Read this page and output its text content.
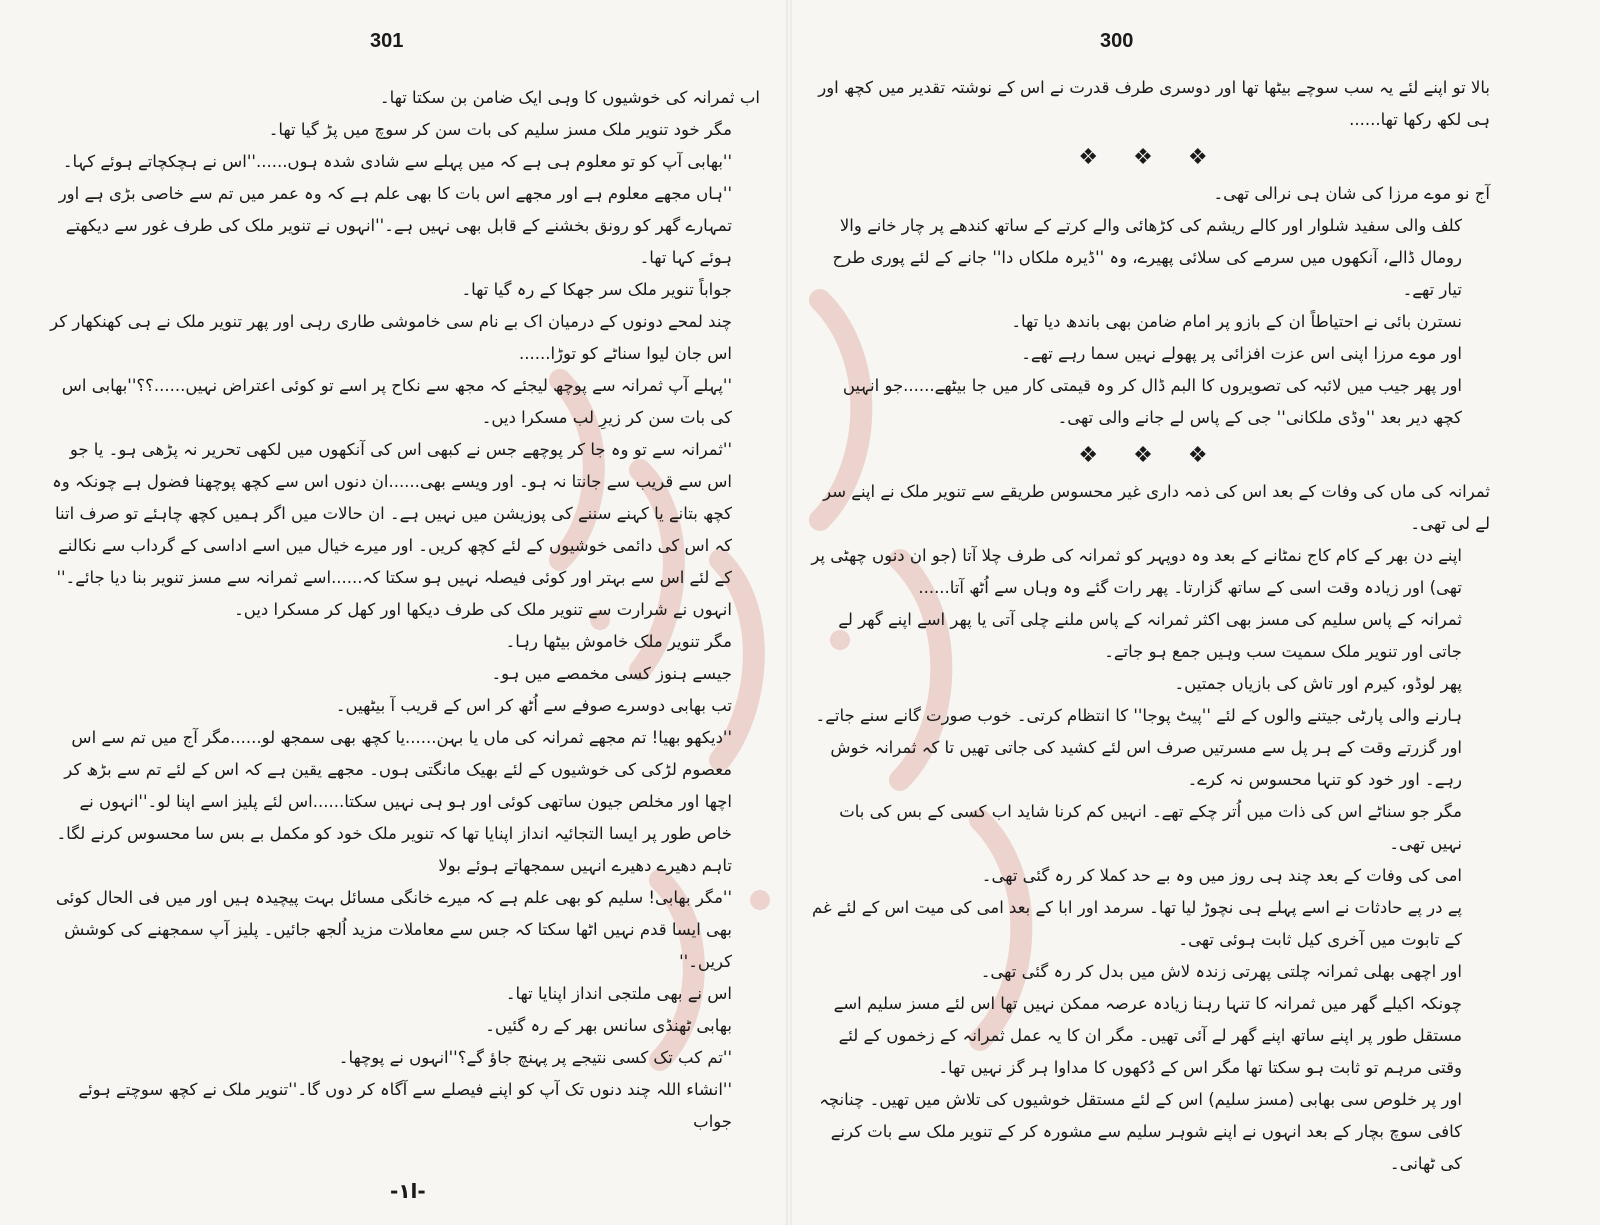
301

اب ثمرانہ کی خوشیوں کا وہی ایک ضامن بن سکتا تھا۔

مگر خود تنویر ملک مسز سلیم کی بات سن کر سوچ میں پڑ گیا تھا۔

''بھابی آپ کو تو معلوم ہی ہے کہ میں پہلے سے شادی شدہ ہوں......''اس نے ہچکچاتے ہوئے کہا۔

''ہاں مجھے معلوم ہے اور مجھے اس بات کا بھی علم ہے کہ وہ عمر میں تم سے خاصی بڑی ہے اور تمہارے گھر کو رونق بخشنے کے قابل بھی نہیں ہے۔''انہوں نے تنویر ملک کی طرف غور سے دیکھتے ہوئے کہا تھا۔

جواباً تنویر ملک سر جھکا کے رہ گیا تھا۔

چند لمحے دونوں کے درمیان اک بے نام سی خاموشی طاری رہی اور پھر تنویر ملک نے ہی کھنکھار کر اس جان لیوا سناٹے کو توڑا......

''پہلے آپ ثمرانہ سے پوچھ لیجئے کہ مجھ سے نکاح پر اسے تو کوئی اعتراض نہیں......؟؟''بھابی اس کی بات سن کر زیرِ لب مسکرا دیں۔

''ثمرانہ سے تو وہ جا کر پوچھے جس نے کبھی اس کی آنکھوں میں لکھی تحریر نہ پڑھی ہو۔ یا جو اس سے قریب سے جانتا نہ ہو۔ اور ویسے بھی......ان دنوں اس سے کچھ پوچھنا فضول ہے چونکہ وہ کچھ بتانے یا کہنے سننے کی پوزیشن میں نہیں ہے۔ ان حالات میں اگر ہمیں کچھ چاہئے تو صرف اتنا کہ اس کی دائمی خوشیوں کے لئے کچھ کریں۔ اور میرے خیال میں اسے اداسی کے گرداب سے نکالنے کے لئے اس سے بہتر اور کوئی فیصلہ نہیں ہو سکتا کہ......اسے ثمرانہ سے مسز تنویر بنا دیا جائے۔''

انہوں نے شرارت سے تنویر ملک کی طرف دیکھا اور کھل کر مسکرا دیں۔

مگر تنویر ملک خاموش بیٹھا رہا۔

جیسے ہنوز کسی مخمصے میں ہو۔

تب بھابی دوسرے صوفے سے اُٹھ کر اس کے قریب آ بیٹھیں۔

''دیکھو بھیا! تم مجھے ثمرانہ کی ماں یا بہن......یا کچھ بھی سمجھ لو......مگر آج میں تم سے اس معصوم لڑکی کی خوشیوں کے لئے بھیک مانگتی ہوں۔ مجھے یقین ہے کہ اس کے لئے تم سے بڑھ کر اچھا اور مخلص جیون ساتھی کوئی اور ہو ہی نہیں سکتا......اس لئے پلیز اسے اپنا لو۔''انہوں نے خاص طور پر ایسا التجائیہ انداز اپنایا تھا کہ تنویر ملک خود کو مکمل بے بس سا محسوس کرنے لگا۔ تاہم دھیرے دھیرے انہیں سمجھاتے ہوئے بولا

''مگر بھابی! سلیم کو بھی علم ہے کہ میرے خانگی مسائل بہت پیچیدہ ہیں اور میں فی الحال کوئی بھی ایسا قدم نہیں اٹھا سکتا کہ جس سے معاملات مزید اُلجھ جائیں۔ پلیز آپ سمجھنے کی کوشش کریں۔''

اس نے بھی ملتجی انداز اپنایا تھا۔

بھابی ٹھنڈی سانس بھر کے رہ گئیں۔

''تم کب تک کسی نتیجے پر پہنچ جاؤ گے؟''انہوں نے پوچھا۔

''انشاء اللہ چند دنوں تک آپ کو اپنے فیصلے سے آگاہ کر دوں گا۔''تنویر ملک نے کچھ سوچتے ہوئے جواب

-ا۱-
300

بالا تو اپنے لئے یہ سب سوچے بیٹھا تھا اور دوسری طرف قدرت نے اس کے نوشتہ تقدیر میں کچھ اور ہی لکھ رکھا تھا......

❖ ❖ ❖

آج نو موے مرزا کی شان ہی نرالی تھی۔

کلف والی سفید شلوار اور کالے ریشم کی کڑھائی والے کرتے کے ساتھ کندھے پر چار خانے والا رومال ڈالے، آنکھوں میں سرمے کی سلائی پھیرے، وہ ''ڈیرہ ملکاں دا'' جانے کے لئے پوری طرح تیار تھے۔

نسترن بائی نے احتیاطاً ان کے بازو پر امام ضامن بھی باندھ دیا تھا۔

اور موے مرزا اپنی اس عزت افزائی پر پھولے نہیں سما رہے تھے۔

اور پھر جیب میں لائبہ کی تصویروں کا البم ڈال کر وہ قیمتی کار میں جا بیٹھے......جو انہیں کچھ دیر بعد ''وڈی ملکانی'' جی کے پاس لے جانے والی تھی۔

❖ ❖ ❖

ثمرانہ کی ماں کی وفات کے بعد اس کی ذمہ داری غیر محسوس طریقے سے تنویر ملک نے اپنے سر لے لی تھی۔

اپنے دن بھر کے کام کاج نمٹانے کے بعد وہ دوپہر کو ثمرانہ کی طرف چلا آتا (جو ان دنوں چھٹی پر تھی) اور زیادہ وقت اسی کے ساتھ گزارتا۔ پھر رات گئے وہ وہاں سے اُٹھ آتا......

ثمرانہ کے پاس سلیم کی مسز بھی اکثر ثمرانہ کے پاس ملنے چلی آتی یا پھر اسے اپنے گھر لے جاتی اور تنویر ملک سمیت سب وہیں جمع ہو جاتے۔

پھر لوڈو، کیرم اور تاش کی بازیاں جمتیں۔

ہارنے والی پارٹی جیتنے والوں کے لئے ''پیٹ پوجا'' کا انتظام کرتی۔ خوب صورت گانے سنے جاتے۔

اور گزرتے وقت کے ہر پل سے مسرتیں صرف اس لئے کشید کی جاتی تھیں تا کہ ثمرانہ خوش رہے۔ اور خود کو تنہا محسوس نہ کرے۔

مگر جو سناٹے اس کی ذات میں اُتر چکے تھے۔ انہیں کم کرنا شاید اب کسی کے بس کی بات نہیں تھی۔

امی کی وفات کے بعد چند ہی روز میں وہ بے حد کملا کر رہ گئی تھی۔

پے در پے حادثات نے اسے پہلے ہی نچوڑ لیا تھا۔ سرمد اور ابا کے بعد امی کی میت اس کے لئے غم کے تابوت میں آخری کیل ثابت ہوئی تھی۔

اور اچھی بھلی ثمرانہ چلتی پھرتی زندہ لاش میں بدل کر رہ گئی تھی۔

چونکہ اکیلے گھر میں ثمرانہ کا تنہا رہنا زیادہ عرصہ ممکن نہیں تھا اس لئے مسز سلیم اسے مستقل طور پر اپنے ساتھ اپنے گھر لے آئی تھیں۔ مگر ان کا یہ عمل ثمرانہ کے زخموں کے لئے وقتی مرہم تو ثابت ہو سکتا تھا مگر اس کے دُکھوں کا مداوا ہر گز نہیں تھا۔

اور پر خلوص سی بھابی (مسز سلیم) اس کے لئے مستقل خوشیوں کی تلاش میں تھیں۔ چنانچہ کافی سوچ بچار کے بعد انہوں نے اپنے شوہر سلیم سے مشورہ کر کے تنویر ملک سے بات کرنے کی ٹھانی۔
